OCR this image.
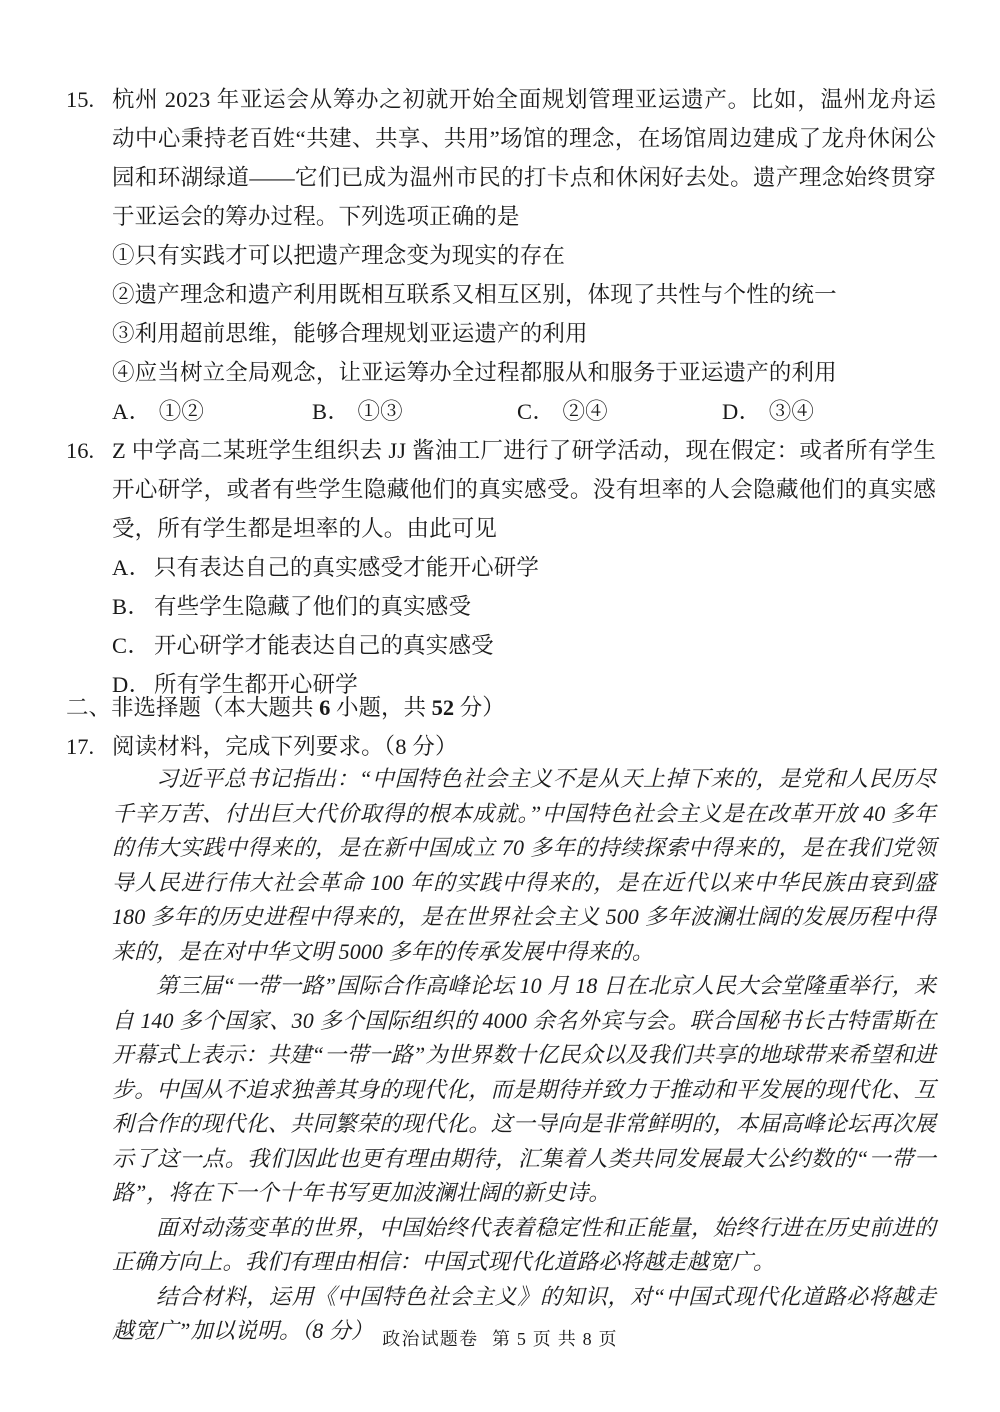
15. 杭州 2023 年亚运会从筹办之初就开始全面规划管理亚运遗产。比如，温州龙舟运动中心秉持老百姓“共建、共享、共用”场馆的理念，在场馆周边建成了龙舟休闲公园和环湖绿道——它们已成为温州市民的打卡点和休闲好去处。遗产理念始终贯穿于亚运会的筹办过程。下列选项正确的是

①只有实践才可以把遗产理念变为现实的存在

②遗产理念和遗产利用既相互联系又相互区别，体现了共性与个性的统一

③利用超前思维，能够合理规划亚运遗产的利用

④应当树立全局观念，让亚运筹办全过程都服从和服务于亚运遗产的利用

A． ①②	B． ①③	C． ②④	D． ③④
16. Z 中学高二某班学生组织去 JJ 酱油工厂进行了研学活动，现在假定：或者所有学生开心研学，或者有些学生隐藏他们的真实感受。没有坦率的人会隐藏他们的真实感受，所有学生都是坦率的人。由此可见

A． 只有表达自己的真实感受才能开心研学
B． 有些学生隐藏了他们的真实感受
C． 开心研学才能表达自己的真实感受
D． 所有学生都开心研学
二、非选择题（本大题共 6 小题，共 52 分）
17. 阅读材料，完成下列要求。（8 分）

习近平总书记指出：“中国特色社会主义不是从天上掉下来的，是党和人民历尽千辛万苦、付出巨大代价取得的根本成就。”中国特色社会主义是在改革开放 40 多年的伟大实践中得来的，是在新中国成立 70 多年的持续探索中得来的，是在我们党领导人民进行伟大社会革命 100 年的实践中得来的，是在近代以来中华民族由衰到盛 180 多年的历史进程中得来的，是在世界社会主义 500 多年波澜壮阔的发展历程中得来的，是在对中华文明 5000 多年的传承发展中得来的。

第三届“一带一路”国际合作高峰论坛 10 月 18 日在北京人民大会堂隆重举行，来自 140 多个国家、30 多个国际组织的 4000 余名外宾与会。联合国秘书长古特雷斯在开幕式上表示：共建“一带一路”为世界数十亿民众以及我们共享的地球带来希望和进步。中国从不追求独善其身的现代化，而是期待并致力于推动和平发展的现代化、互利合作的现代化、共同繁荣的现代化。这一导向是非常鲜明的，本届高峰论坛再次展示了这一点。我们因此也更有理由期待，汇集着人类共同发展最大公约数的“一带一路”，将在下一个十年书写更加波澜壮阔的新史诗。

面对动荡变革的世界，中国始终代表着稳定性和正能量，始终行进在历史前进的正确方向上。我们有理由相信：中国式现代化道路必将越走越宽广。

结合材料，运用《中国特色社会主义》的知识，对“中国式现代化道路必将越走越宽广”加以说明。（8 分） 政治试题卷 第 5 页 共 8 页
